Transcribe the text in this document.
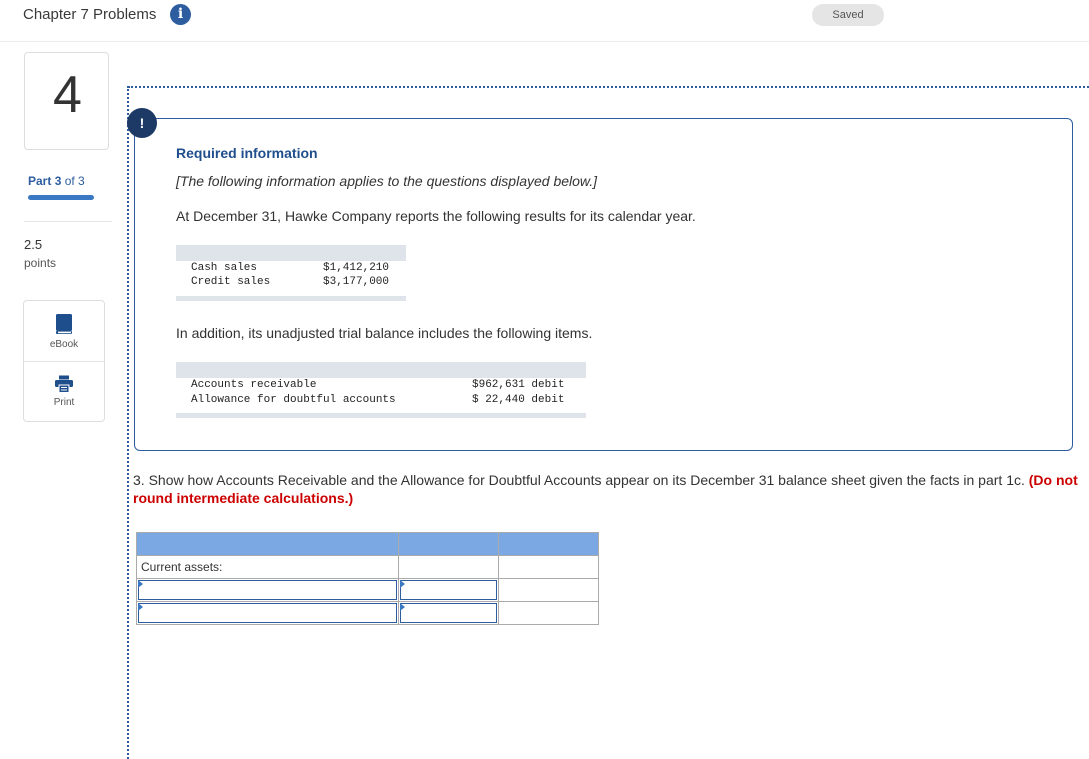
Chapter 7 Problems	i	Saved
4
Part 3 of 3
2.5
points
eBook
Print
!
Required information
[The following information applies to the questions displayed below.]
At December 31, Hawke Company reports the following results for its calendar year.
Cash sales	$1,412,210
Credit sales	$3,177,000
In addition, its unadjusted trial balance includes the following items.
Accounts receivable	$962,631 debit
Allowance for doubtful accounts	$ 22,440 debit
3. Show how Accounts Receivable and the Allowance for Doubtful Accounts appear on its December 31 balance sheet given the facts in part 1c. (Do not round intermediate calculations.)

Current assets:		
